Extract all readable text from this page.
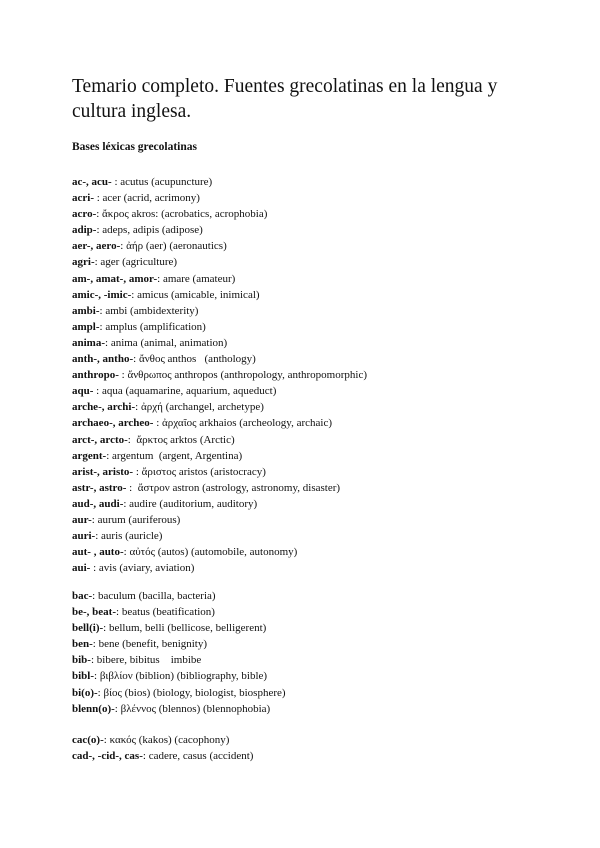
Temario completo. Fuentes grecolatinas en la lengua y cultura inglesa.
Bases léxicas grecolatinas
ac-, acu- : acutus (acupuncture)
acri- : acer (acrid, acrimony)
acro-: ἄκρος akros: (acrobatics, acrophobia)
adip-: adeps, adipis (adipose)
aer-, aero-: ἀήρ (aer) (aeronautics)
agri-: ager (agriculture)
am-, amat-, amor-: amare (amateur)
amic-, -imic-: amicus (amicable, inimical)
ambi-: ambi (ambidexterity)
ampl-: amplus (amplification)
anima-: anima (animal, animation)
anth-, antho-: ἄνθος anthos   (anthology)
anthropo- : ἄνθρωπος anthropos (anthropology, anthropomorphic)
aqu- : aqua (aquamarine, aquarium, aqueduct)
arche-, archi-: ἀρχή (archangel, archetype)
archaeo-, archeo- : ἀρχαῖος arkhaios (archeology, archaic)
arct-, arcto-:  ἄρκτος arktos (Arctic)
argent-: argentum  (argent, Argentina)
arist-, aristo- : ἄριστος aristos (aristocracy)
astr-, astro- :  ἄστρον astron (astrology, astronomy, disaster)
aud-, audi-: audire (auditorium, auditory)
aur-: aurum (auriferous)
auri-: auris (auricle)
aut- , auto-: αὐτός (autos) (automobile, autonomy)
aui- : avis (aviary, aviation)
bac-: baculum (bacilla, bacteria)
be-, beat-: beatus (beatification)
bell(i)-: bellum, belli (bellicose, belligerent)
ben-: bene (benefit, benignity)
bib-: bibere, bibitus    imbibe
bibl-: βιβλίον (biblion) (bibliography, bible)
bi(o)-: βίος (bios) (biology, biologist, biosphere)
blenn(o)-: βλέννος (blennos) (blennophobia)
cac(o)-: κακός (kakos) (cacophony)
cad-, -cid-, cas-: cadere, casus (accident)
